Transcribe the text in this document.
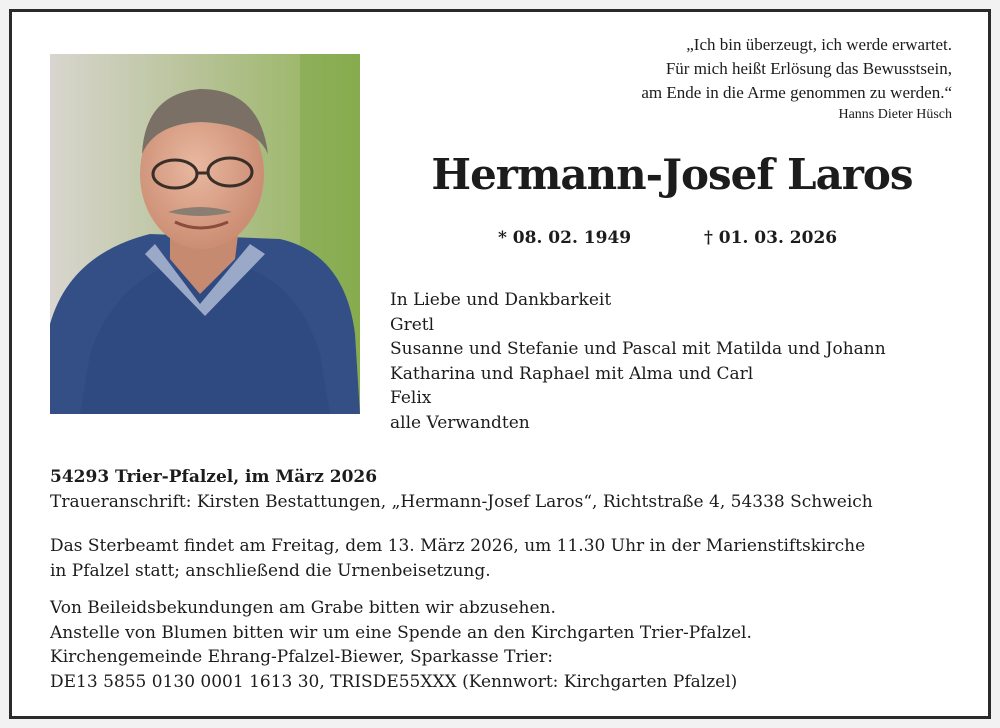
„Ich bin überzeugt, ich werde erwartet.
Für mich heißt Erlösung das Bewusstsein,
am Ende in die Arme genommen zu werden.“
Hanns Dieter Hüsch
Hermann-Josef Laros
* 08. 02. 1949	† 01. 03. 2026
In Liebe und Dankbarkeit
Gretl
Susanne und Stefanie und Pascal mit Matilda und Johann
Katharina und Raphael mit Alma und Carl
Felix
alle Verwandten
54293 Trier-Pfalzel, im März 2026
Traueranschrift: Kirsten Bestattungen, „Hermann-Josef Laros“, Richtstraße 4, 54338 Schweich
Das Sterbeamt findet am Freitag, dem 13. März 2026, um 11.30 Uhr in der Marienstiftskirche
in Pfalzel statt; anschließend die Urnenbeisetzung.
Von Beileidsbekundungen am Grabe bitten wir abzusehen.
Anstelle von Blumen bitten wir um eine Spende an den Kirchgarten Trier-Pfalzel.
Kirchengemeinde Ehrang-Pfalzel-Biewer, Sparkasse Trier:
DE13 5855 0130 0001 1613 30, TRISDE55XXX (Kennwort: Kirchgarten Pfalzel)
